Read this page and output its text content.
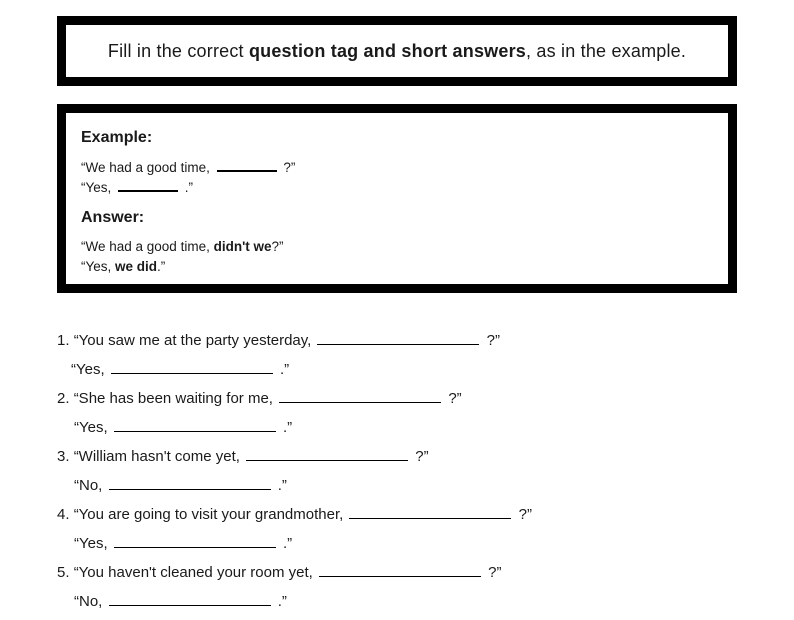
Fill in the correct question tag and short answers, as in the example.
Example:
“We had a good time,	?”
“Yes,	.”
Answer:
“We had a good time, didn't we?”
“Yes, we did.”
1. “You saw me at the party yesterday,	?”
“Yes,	.”
2. “She has been waiting for me,	?”
“Yes,	.”
3. “William hasn't come yet,	?”
“No,	.”
4. “You are going to visit your grandmother,	?”
“Yes,	.”
5. “You haven't cleaned your room yet,	?”
“No,	.”
